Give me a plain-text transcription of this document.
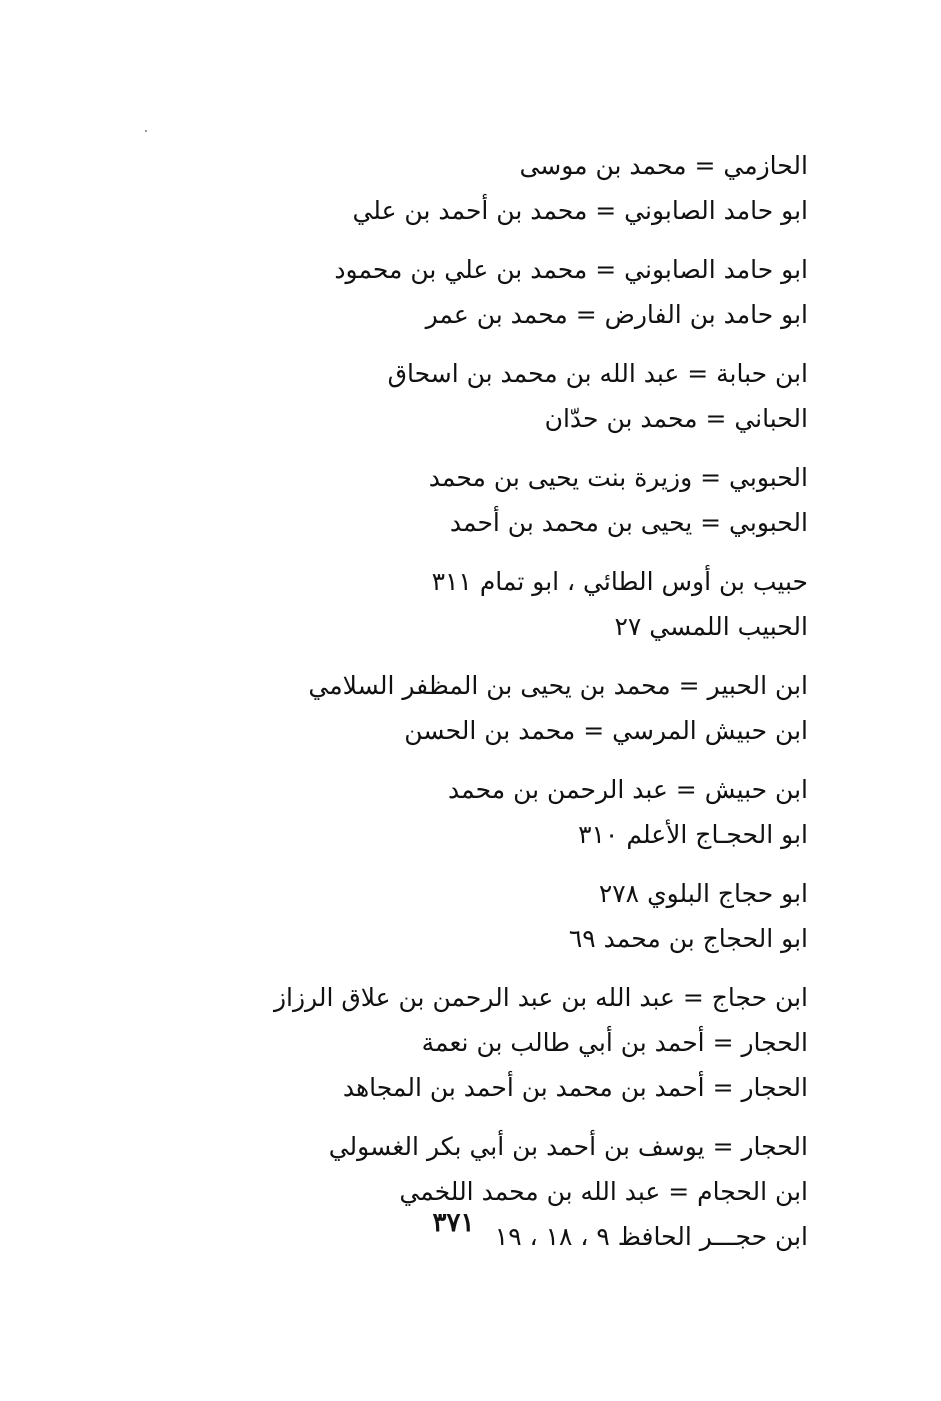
الحازمي = محمد بن موسى
ابو حامد الصابوني = محمد بن أحمد بن علي
ابو حامد الصابوني = محمد بن علي بن محمود
ابو حامد بن الفارض = محمد بن عمر
ابن حبابة = عبد الله بن محمد بن اسحاق
الحباني = محمد بن حدّان
الحبوبي = وزيرة بنت يحيى بن محمد
الحبوبي = يحيى بن محمد بن أحمد
حبيب بن أوس الطائي ، ابو تمام ٣١١
الحبيب اللمسي ٢٧
ابن الحبير = محمد بن يحيى بن المظفر السلامي
ابن حبيش المرسي = محمد بن الحسن
ابن حبيش = عبد الرحمن بن محمد
ابو الحجـاج الأعلم ٣١٠
ابو حجاج البلوي ٢٧٨
ابو الحجاج بن محمد ٦٩
ابن حجاج = عبد الله بن عبد الرحمن بن علاق الرزاز
الحجار = أحمد بن أبي طالب بن نعمة
الحجار = أحمد بن محمد بن أحمد بن المجاهد
الحجار = يوسف بن أحمد بن أبي بكر الغسولي
ابن الحجام = عبد الله بن محمد اللخمي
ابن حجـــر الحافظ ٩ ، ١٨ ، ١٩
٣٧١
